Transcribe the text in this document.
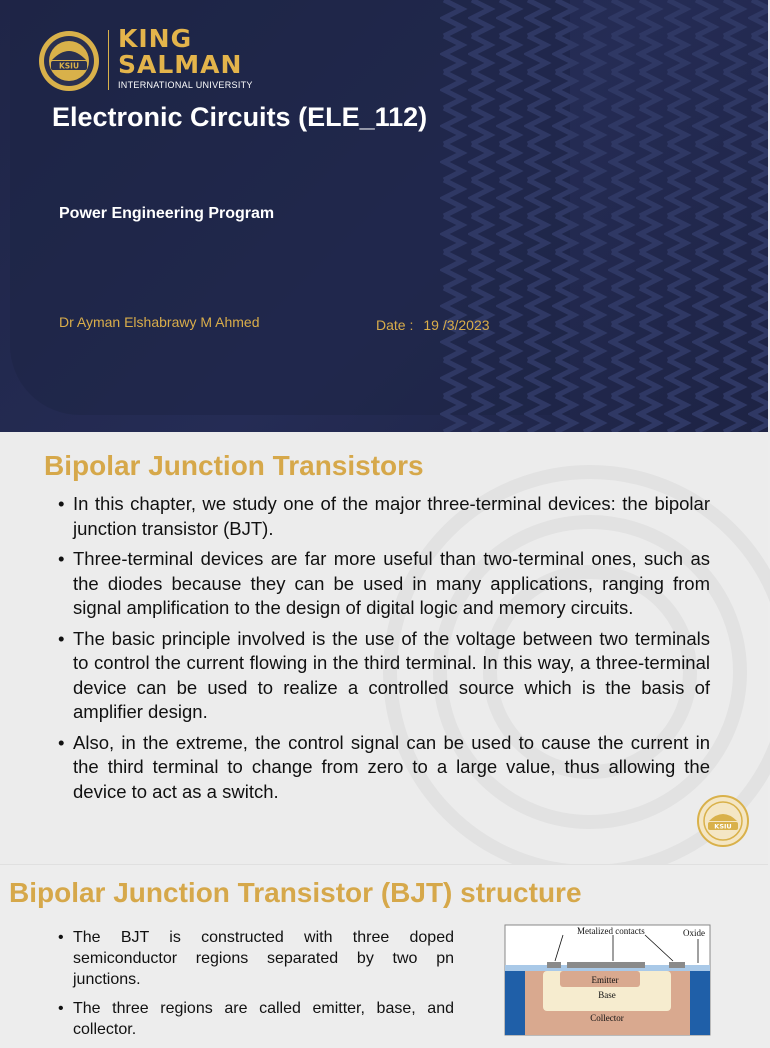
KSIU
KING
SALMAN
INTERNATIONAL UNIVERSITY
Electronic Circuits (ELE_112)
Power Engineering Program
Dr Ayman Elshabrawy M Ahmed	Date : 19 /3/2023
Bipolar Junction Transistors
• In this chapter, we study one of the major three-terminal devices: the bipolar junction transistor (BJT).
• Three-terminal devices are far more useful than two-terminal ones, such as the diodes because they can be used in many applications, ranging from signal amplification to the design of digital logic and memory circuits.
• The basic principle involved is the use of the voltage between two terminals to control the current flowing in the third terminal. In this way, a three-terminal device can be used to realize a controlled source which is the basis of amplifier design.
• Also, in the extreme, the control signal can be used to cause the current in the third terminal to change from zero to a large value, thus allowing the device to act as a switch.
KSIU
Bipolar Junction Transistor (BJT) structure
• The BJT is constructed with three doped semiconductor regions separated by two pn junctions.
• The three regions are called emitter, base, and collector.
Metalized contacts	Oxide
Emitter
Base
Collector
